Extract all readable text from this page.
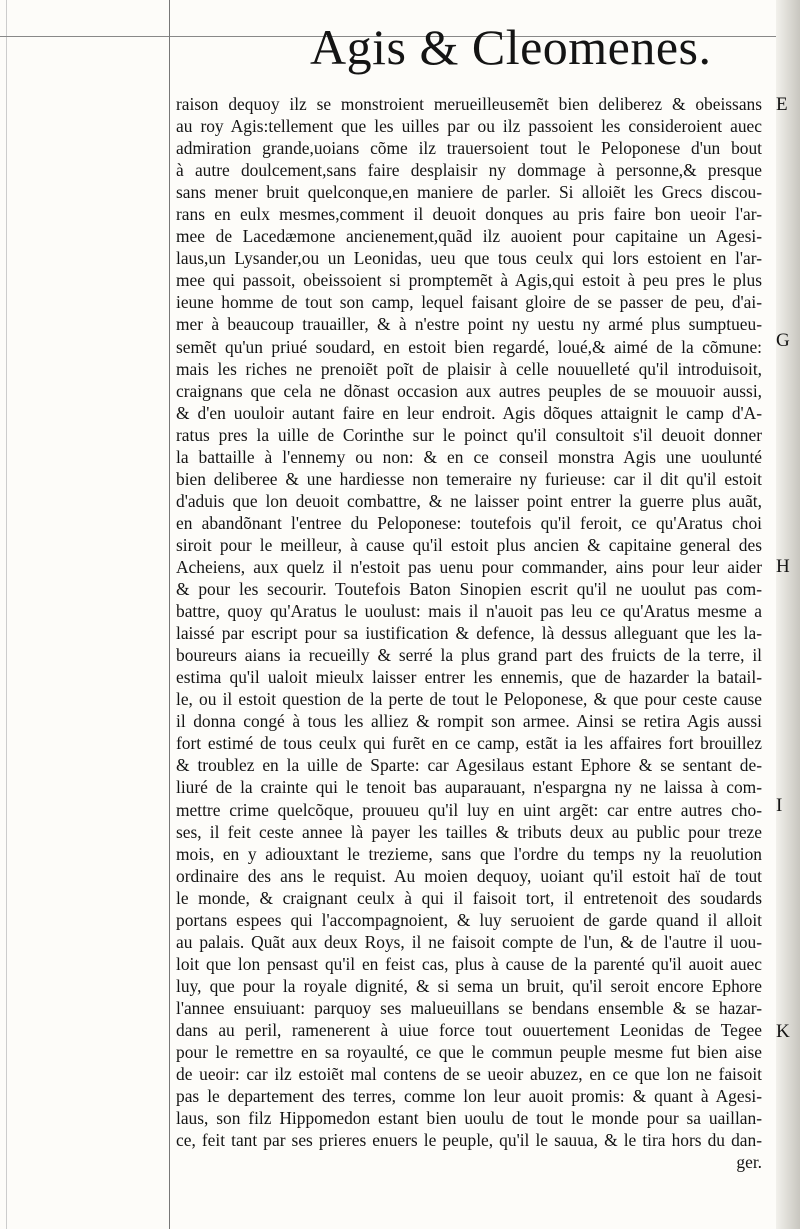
Agis & Cleomenes.
raison dequoy ilz se monstroient merueilleusemẽt bien deliberez & obeissans
au roy Agis:tellement que les uilles par ou ilz passoient les consideroient auec
admiration grande,uoians cõme ilz trauersoient tout le Peloponese d'un bout
à autre doulcement,sans faire desplaisir ny dommage à personne,& presque
sans mener bruit quelconque,en maniere de parler. Si alloiẽt les Grecs discou-
rans en eulx mesmes,comment il deuoit donques au pris faire bon ueoir l'ar-
mee de Lacedæmone ancienement,quãd ilz auoient pour capitaine un Agesi-
laus,un Lysander,ou un Leonidas, ueu que tous ceulx qui lors estoient en l'ar-
mee qui passoit, obeissoient si promptemẽt à Agis,qui estoit à peu pres le plus
ieune homme de tout son camp, lequel faisant gloire de se passer de peu, d'ai-
mer à beaucoup trauailler, & à n'estre point ny uestu ny armé plus sumptueu-
semẽt qu'un priué soudard, en estoit bien regardé, loué,& aimé de la cõmune:
mais les riches ne prenoiẽt poĩt de plaisir à celle nouuelleté qu'il introduisoit,
craignans que cela ne dõnast occasion aux autres peuples de se mouuoir aussi,
& d'en uouloir autant faire en leur endroit. Agis dõques attaignit le camp d'A-
ratus pres la uille de Corinthe sur le poinct qu'il consultoit s'il deuoit donner
la battaille à l'ennemy ou non: & en ce conseil monstra Agis une uoulunté
bien deliberee & une hardiesse non temeraire ny furieuse: car il dit qu'il estoit
d'aduis que lon deuoit combattre, & ne laisser point entrer la guerre plus auãt,
en abandõnant l'entree du Peloponese: toutefois qu'il feroit, ce qu'Aratus choi
siroit pour le meilleur, à cause qu'il estoit plus ancien & capitaine general des
Acheiens, aux quelz il n'estoit pas uenu pour commander, ains pour leur aider
& pour les secourir. Toutefois Baton Sinopien escrit qu'il ne uoulut pas com-
battre, quoy qu'Aratus le uoulust: mais il n'auoit pas leu ce qu'Aratus mesme a
laissé par escript pour sa iustification & defence, là dessus alleguant que les la-
boureurs aians ia recueilly & serré la plus grand part des fruicts de la terre, il
estima qu'il ualoit mieulx laisser entrer les ennemis, que de hazarder la batail-
le, ou il estoit question de la perte de tout le Peloponese, & que pour ceste cause
il donna congé à tous les alliez & rompit son armee. Ainsi se retira Agis aussi
fort estimé de tous ceulx qui furẽt en ce camp, estãt ia les affaires fort brouillez
& troublez en la uille de Sparte: car Agesilaus estant Ephore & se sentant de-
liuré de la crainte qui le tenoit bas auparauant, n'espargna ny ne laissa à com-
mettre crime quelcõque, prouueu qu'il luy en uint argẽt: car entre autres cho-
ses, il feit ceste annee là payer les tailles & tributs deux au public pour treze
mois, en y adiouxtant le trezieme, sans que l'ordre du temps ny la reuolution
ordinaire des ans le requist. Au moien dequoy, uoiant qu'il estoit haï de tout
le monde, & craignant ceulx à qui il faisoit tort, il entretenoit des soudards
portans espees qui l'accompagnoient, & luy seruoient de garde quand il alloit
au palais. Quãt aux deux Roys, il ne faisoit compte de l'un, & de l'autre il uou-
loit que lon pensast qu'il en feist cas, plus à cause de la parenté qu'il auoit auec
luy, que pour la royale dignité, & si sema un bruit, qu'il seroit encore Ephore
l'annee ensuiuant: parquoy ses malueuillans se bendans ensemble & se hazar-
dans au peril, ramenerent à uiue force tout ouuertement Leonidas de Tegee
pour le remettre en sa royaulté, ce que le commun peuple mesme fut bien aise
de ueoir: car ilz estoiẽt mal contens de se ueoir abuzez, en ce que lon ne faisoit
pas le departement des terres, comme lon leur auoit promis: & quant à Agesi-
laus, son filz Hippomedon estant bien uoulu de tout le monde pour sa uaillan-
ce, feit tant par ses prieres enuers le peuple, qu'il le sauua, & le tira hors du dan-
ger.
E
G
H
I
K
